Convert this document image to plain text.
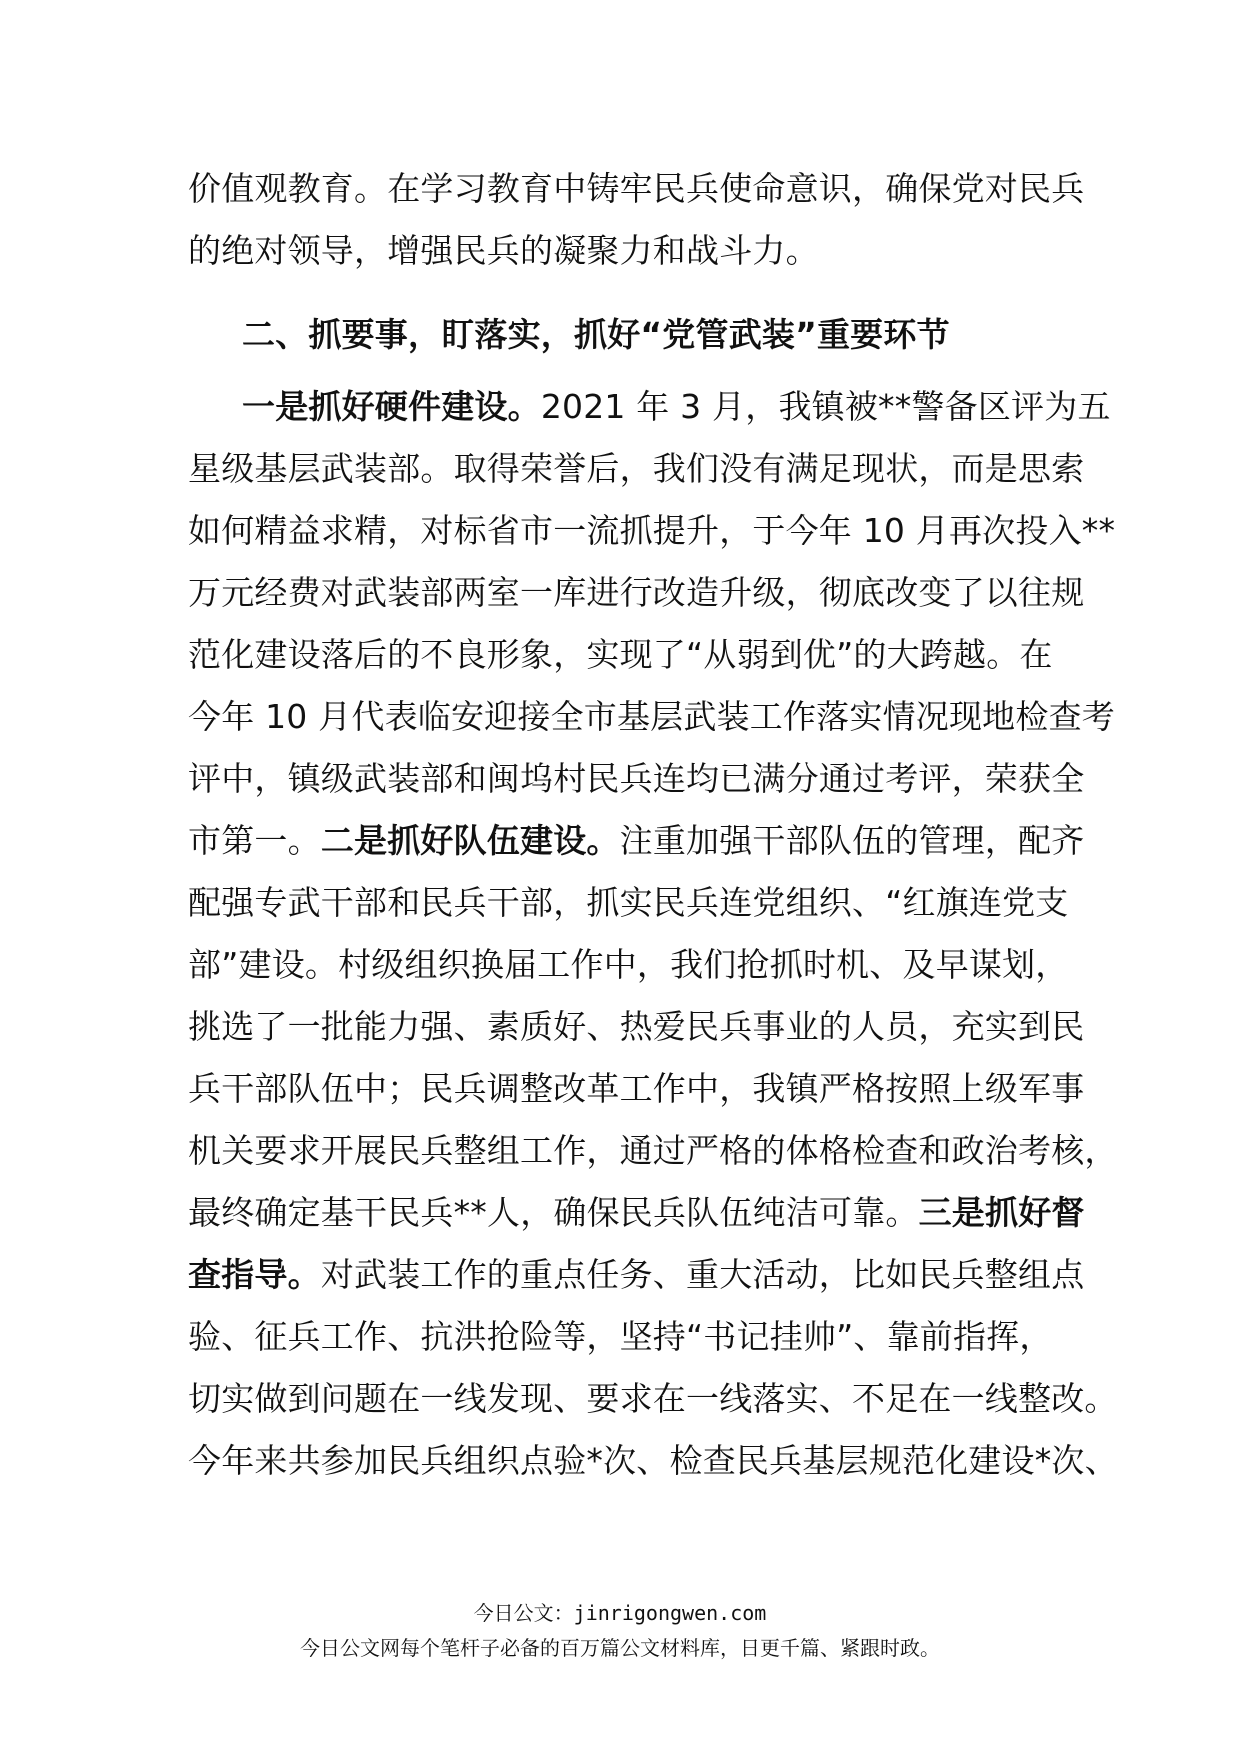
价值观教育。在学习教育中铸牢民兵使命意识，确保党对民兵
的绝对领导，增强民兵的凝聚力和战斗力。
二、抓要事，盯落实，抓好“党管武装”重要环节
一是抓好硬件建设。2021 年 3 月，我镇被**警备区评为五
星级基层武装部。取得荣誉后，我们没有满足现状，而是思索
如何精益求精，对标省市一流抓提升，于今年 10 月再次投入**
万元经费对武装部两室一库进行改造升级，彻底改变了以往规
范化建设落后的不良形象，实现了“从弱到优”的大跨越。在
今年 10 月代表临安迎接全市基层武装工作落实情况现地检查考
评中，镇级武装部和闽坞村民兵连均已满分通过考评，荣获全
市第一。二是抓好队伍建设。注重加强干部队伍的管理，配齐
配强专武干部和民兵干部，抓实民兵连党组织、“红旗连党支
部”建设。村级组织换届工作中，我们抢抓时机、及早谋划，
挑选了一批能力强、素质好、热爱民兵事业的人员，充实到民
兵干部队伍中；民兵调整改革工作中，我镇严格按照上级军事
机关要求开展民兵整组工作，通过严格的体格检查和政治考核，
最终确定基干民兵**人，确保民兵队伍纯洁可靠。三是抓好督
查指导。对武装工作的重点任务、重大活动，比如民兵整组点
验、征兵工作、抗洪抢险等，坚持“书记挂帅”、靠前指挥，
切实做到问题在一线发现、要求在一线落实、不足在一线整改。
今年来共参加民兵组织点验*次、检查民兵基层规范化建设*次、
今日公文：jinrigongwen.com
今日公文网每个笔杆子必备的百万篇公文材料库，日更千篇、紧跟时政。
